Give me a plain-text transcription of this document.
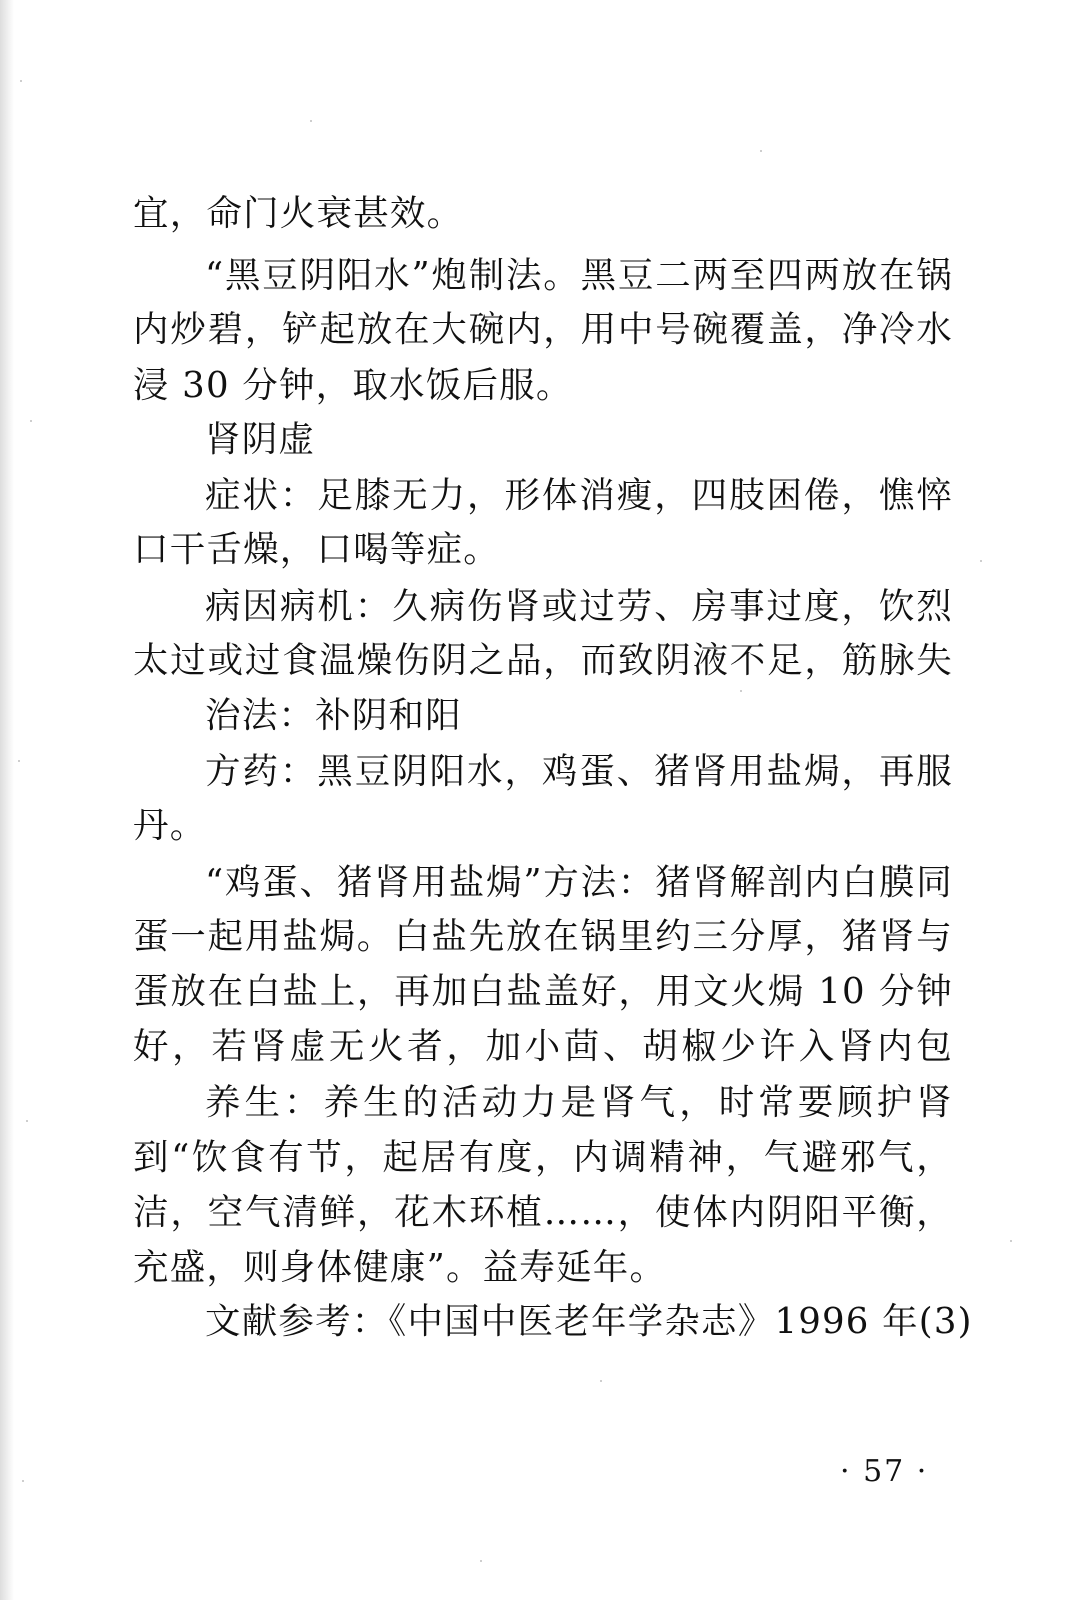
宜，命门火衰甚效。
“黑豆阴阳水”炮制法。黑豆二两至四两放在锅
内炒碧，铲起放在大碗内，用中号碗覆盖，净冷水
浸 30 分钟，取水饭后服。
肾阴虚
症状：足膝无力，形体消瘦，四肢困倦，憔悴
口干舌燥，口喝等症。
病因病机：久病伤肾或过劳、房事过度，饮烈
太过或过食温燥伤阴之品，而致阴液不足，筋脉失
治法：补阴和阳
方药：黑豆阴阳水，鸡蛋、猪肾用盐焗，再服
丹。
“鸡蛋、猪肾用盐焗”方法：猪肾解剖内白膜同
蛋一起用盐焗。白盐先放在锅里约三分厚，猪肾与
蛋放在白盐上，再加白盐盖好，用文火焗 10 分钟
好，若肾虚无火者，加小茴、胡椒少许入肾内包
养生：养生的活动力是肾气，时常要顾护肾
到“饮食有节，起居有度，内调精神，气避邪气，
洁，空气清鲜，花木环植……，使体内阴阳平衡，
充盛，则身体健康”。益寿延年。
文献参考：《中国中医老年学杂志》1996 年(3)
· 57 ·
